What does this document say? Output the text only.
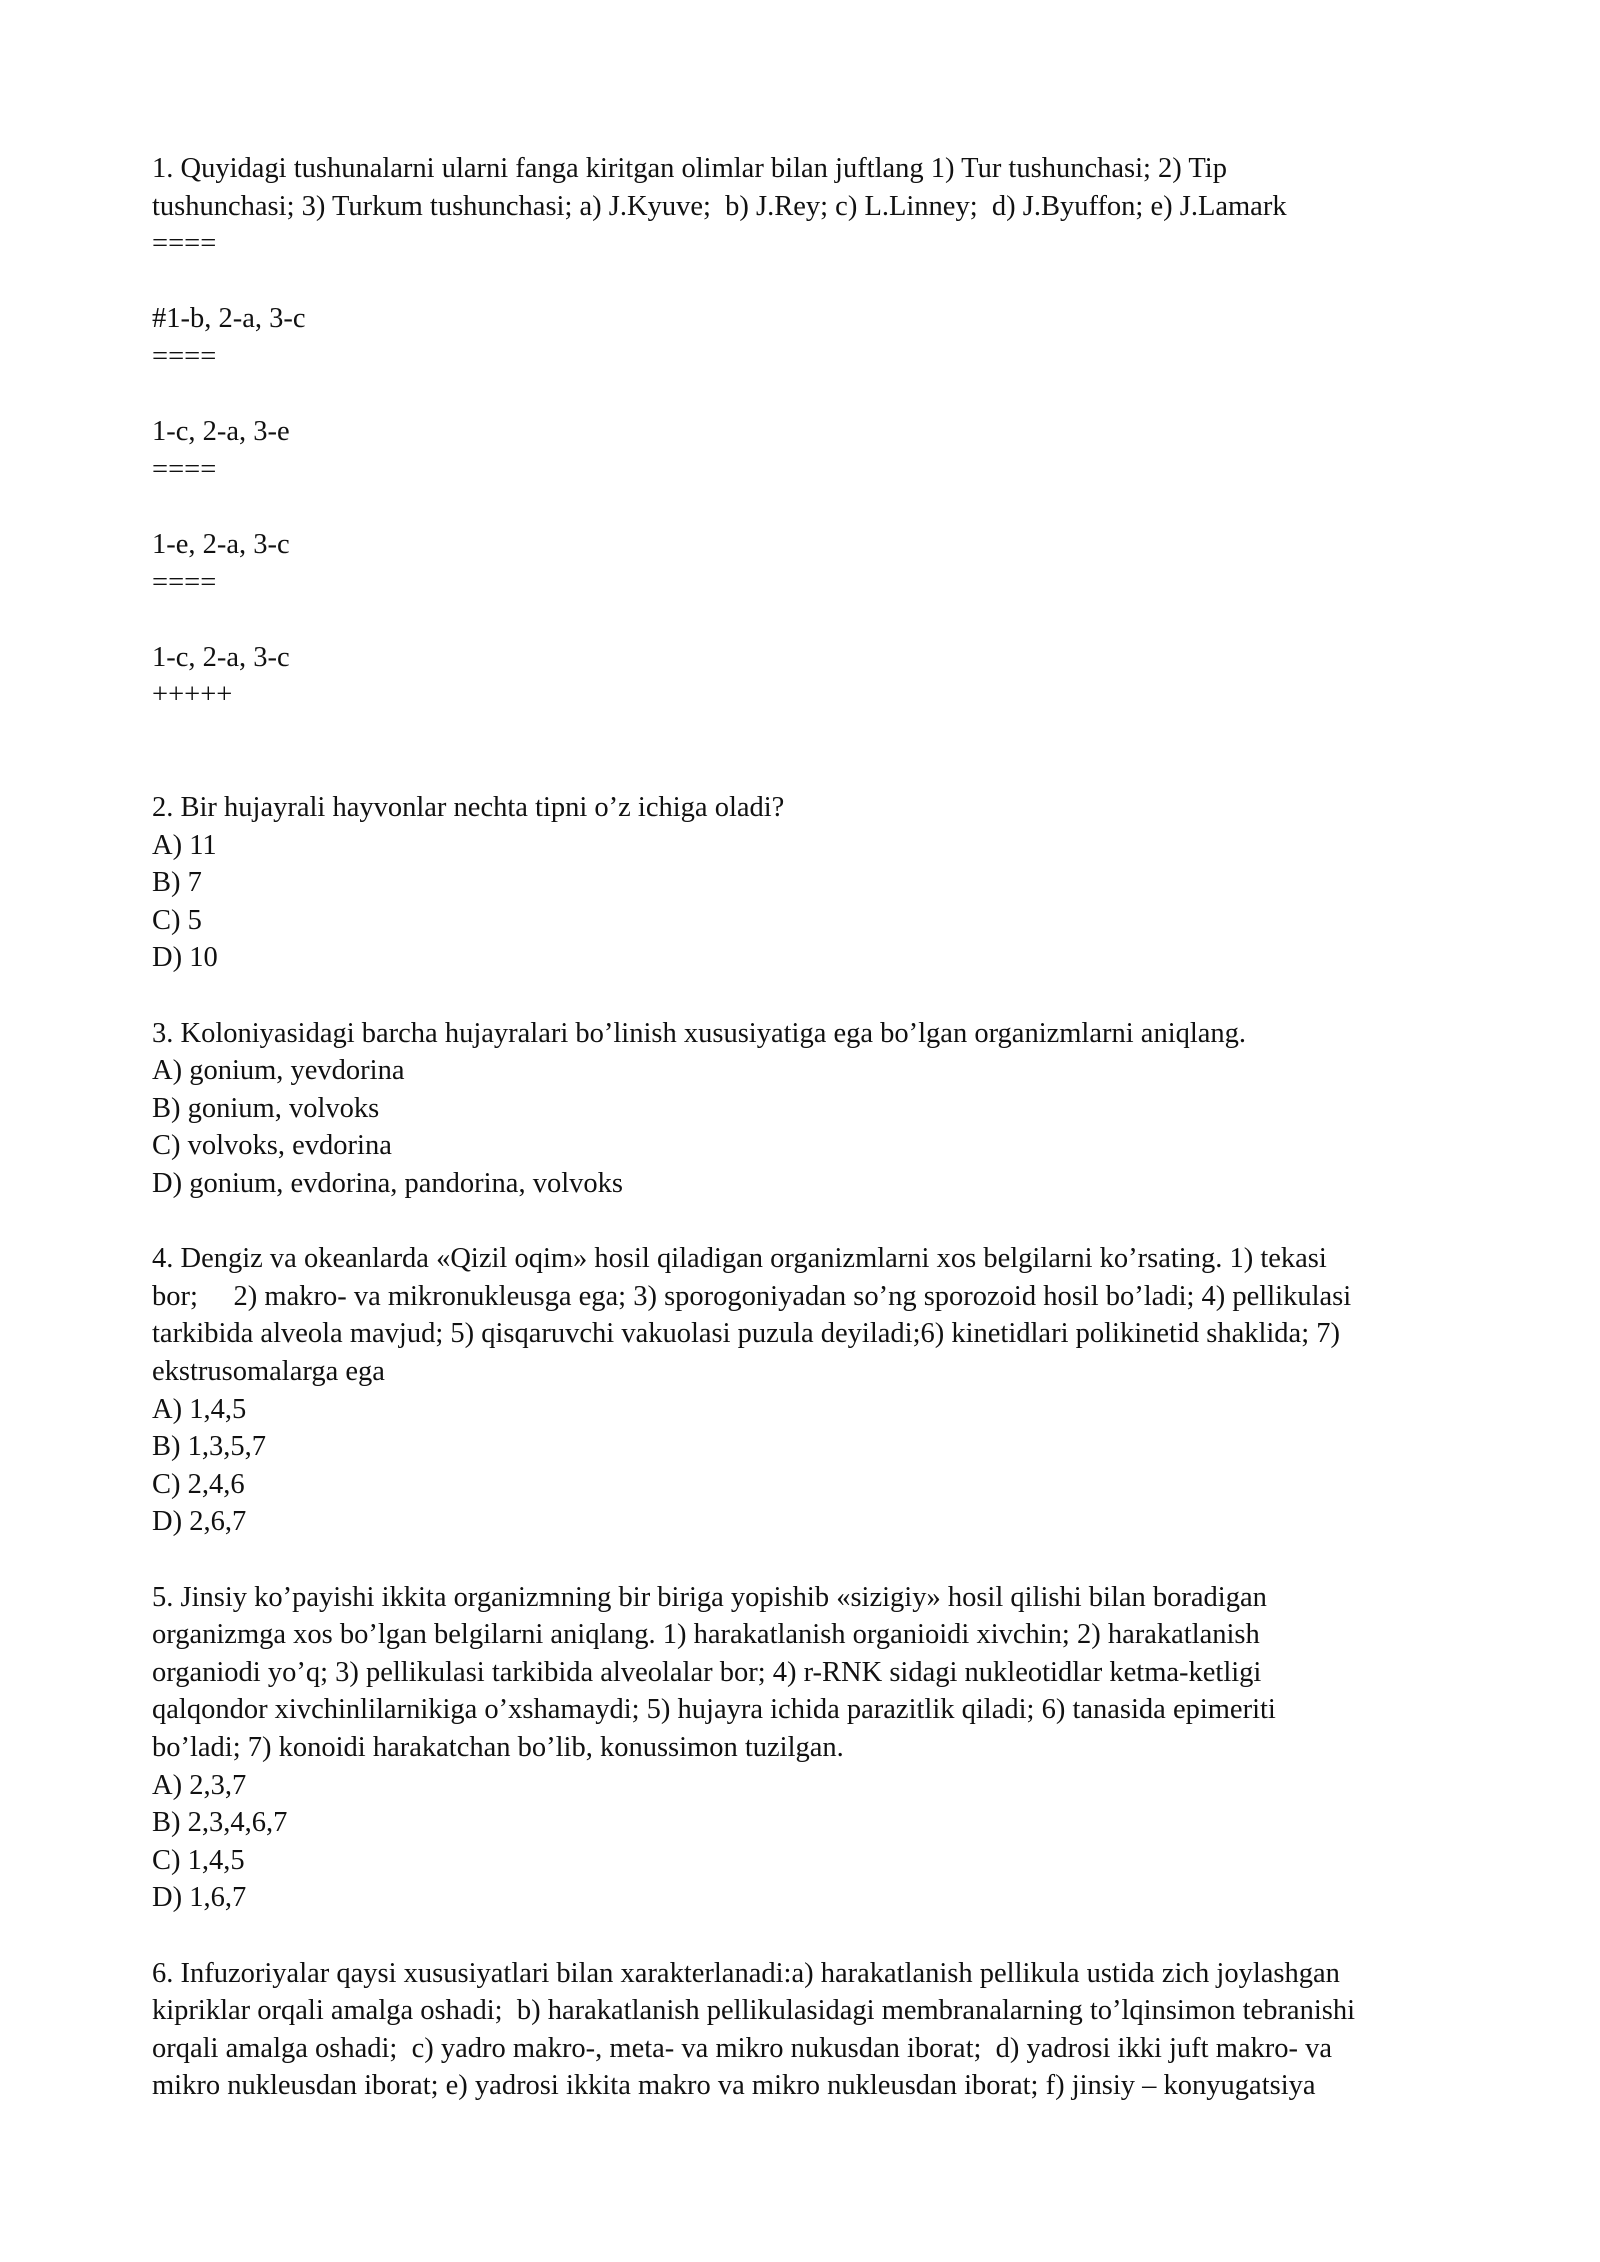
1. Quyidagi tushunalarni ularni fanga kiritgan olimlar bilan juftlang 1) Tur tushunchasi; 2) Tip
tushunchasi; 3) Turkum tushunchasi; a) J.Kyuve;  b) J.Rey; c) L.Linney;  d) J.Byuffon; e) J.Lamark
====
#1-b, 2-a, 3-c
====
1-c, 2-a, 3-e
====
1-e, 2-a, 3-c
====
1-c, 2-a, 3-c
+++++
2. Bir hujayrali hayvonlar nechta tipni o’z ichiga oladi?
A) 11
B) 7
C) 5
D) 10
3. Koloniyasidagi barcha hujayralari bo’linish xususiyatiga ega bo’lgan organizmlarni aniqlang.
A) gonium, yevdorina
B) gonium, volvoks
C) volvoks, evdorina
D) gonium, evdorina, pandorina, volvoks
4. Dengiz va okeanlarda «Qizil oqim» hosil qiladigan organizmlarni xos belgilarni ko’rsating. 1) tekasi
bor;     2) makro- va mikronukleusga ega; 3) sporogoniyadan so’ng sporozoid hosil bo’ladi; 4) pellikulasi
tarkibida alveola mavjud; 5) qisqaruvchi vakuolasi puzula deyiladi;6) kinetidlari polikinetid shaklida; 7)
ekstrusomalarga ega
A) 1,4,5
B) 1,3,5,7
C) 2,4,6
D) 2,6,7
5. Jinsiy ko’payishi ikkita organizmning bir biriga yopishib «sizigiy» hosil qilishi bilan boradigan
organizmga xos bo’lgan belgilarni aniqlang. 1) harakatlanish organioidi xivchin; 2) harakatlanish
organiodi yo’q; 3) pellikulasi tarkibida alveolalar bor; 4) r-RNK sidagi nukleotidlar ketma-ketligi
qalqondor xivchinlilarnikiga o’xshamaydi; 5) hujayra ichida parazitlik qiladi; 6) tanasida epimeriti
bo’ladi; 7) konoidi harakatchan bo’lib, konussimon tuzilgan.
A) 2,3,7
B) 2,3,4,6,7
C) 1,4,5
D) 1,6,7
6. Infuzoriyalar qaysi xususiyatlari bilan xarakterlanadi:a) harakatlanish pellikula ustida zich joylashgan
kipriklar orqali amalga oshadi;  b) harakatlanish pellikulasidagi membranalarning to’lqinsimon tebranishi
orqali amalga oshadi;  c) yadro makro-, meta- va mikro nukusdan iborat;  d) yadrosi ikki juft makro- va
mikro nukleusdan iborat; e) yadrosi ikkita makro va mikro nukleusdan iborat; f) jinsiy – konyugatsiya
